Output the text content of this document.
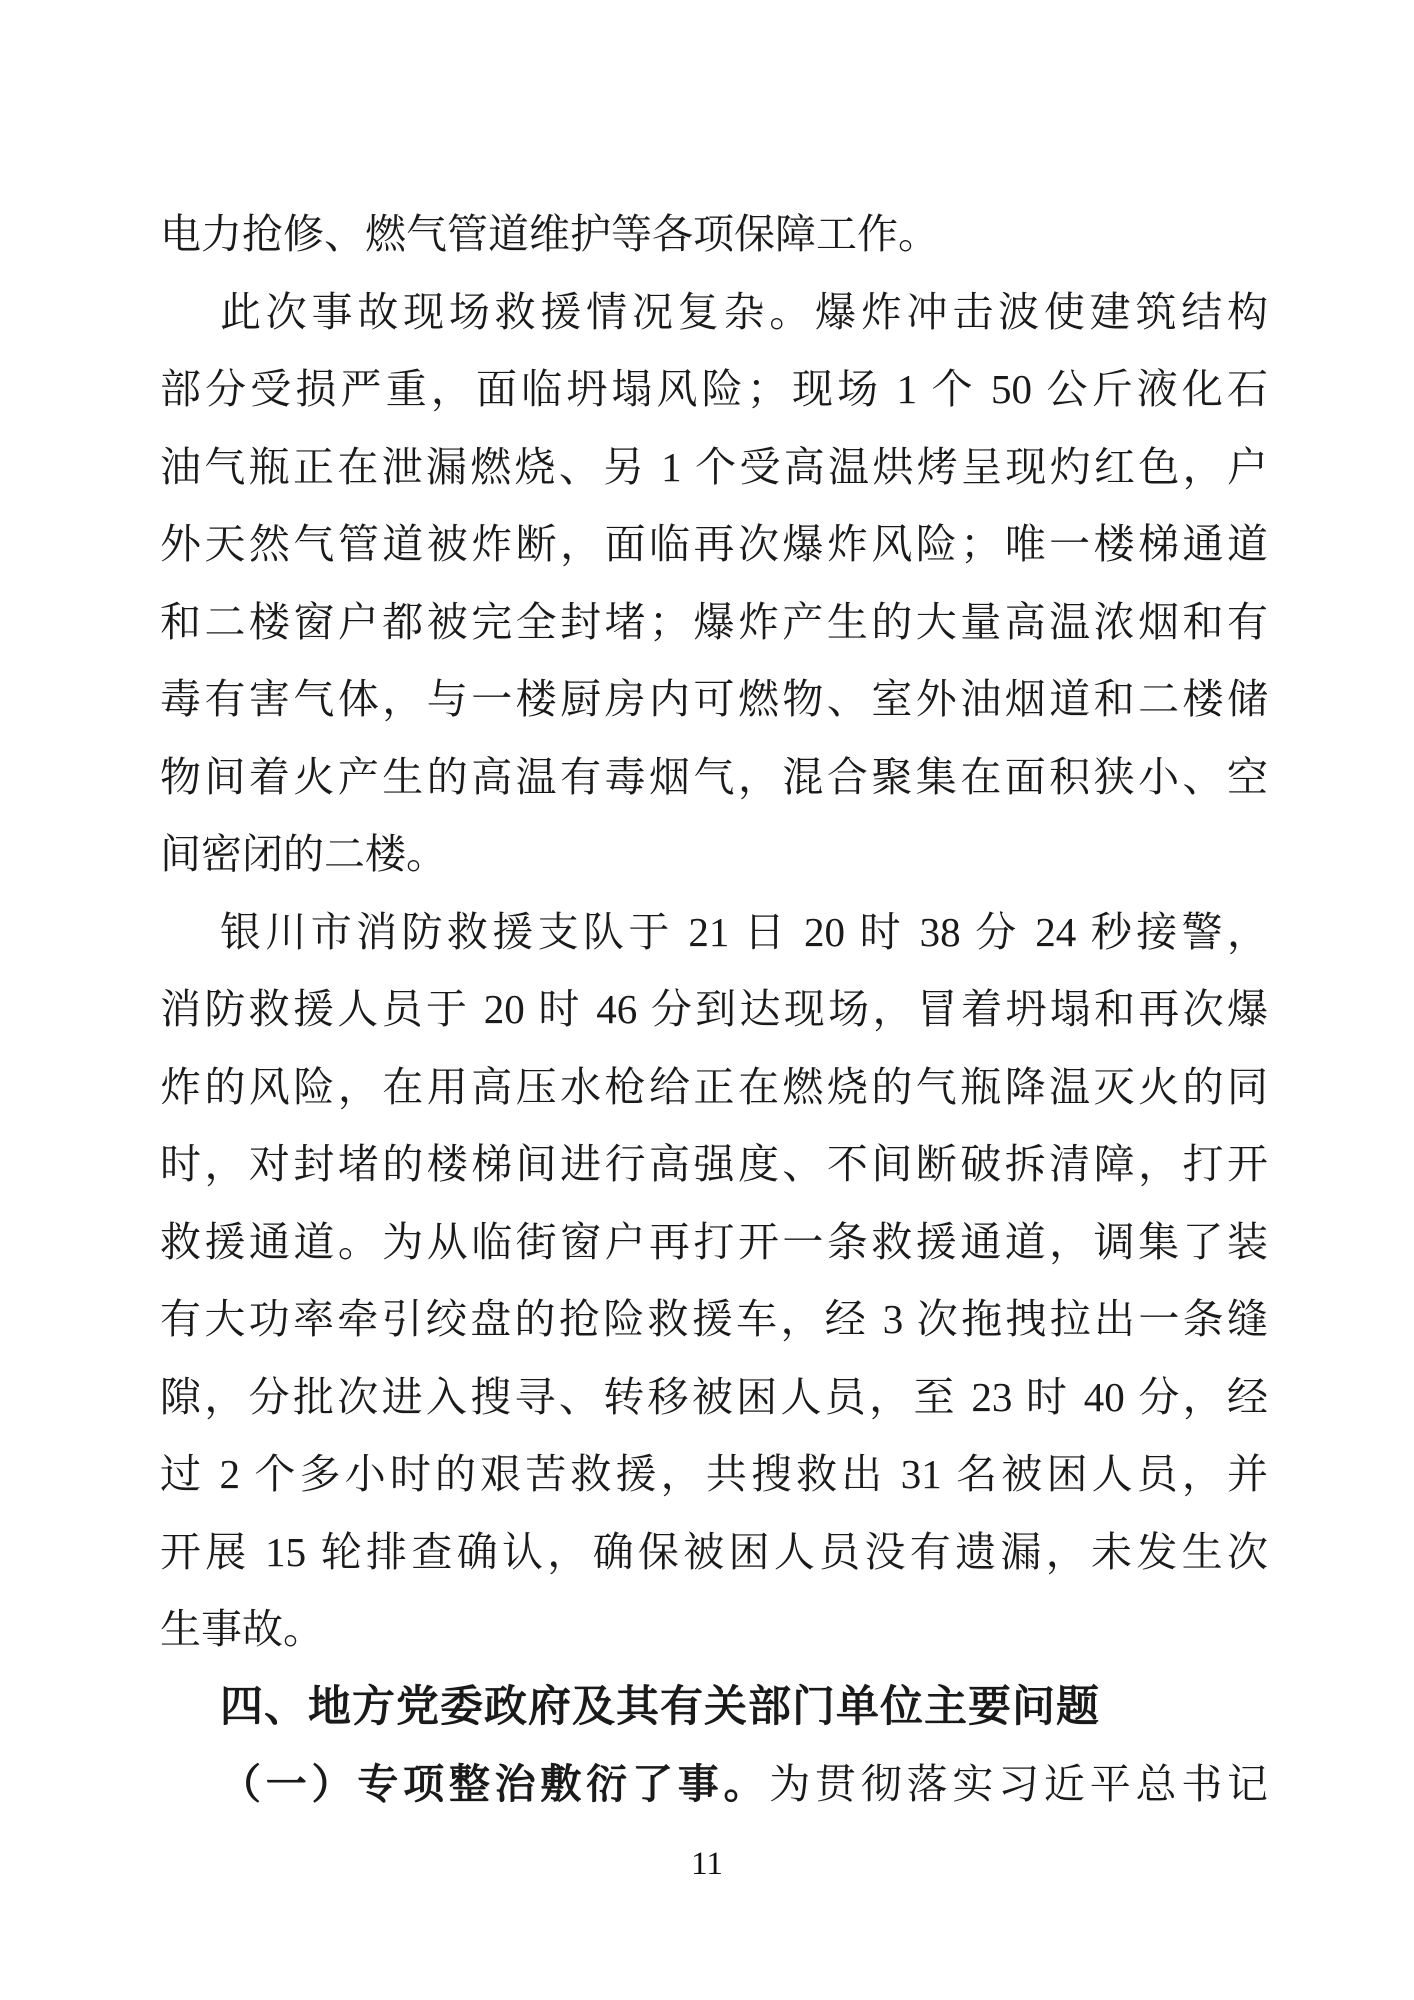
电力抢修、燃气管道维护等各项保障工作。
此次事故现场救援情况复杂。爆炸冲击波使建筑结构
部分受损严重，面临坍塌风险；现场 1 个 50 公斤液化石
油气瓶正在泄漏燃烧、另 1 个受高温烘烤呈现灼红色，户
外天然气管道被炸断，面临再次爆炸风险；唯一楼梯通道
和二楼窗户都被完全封堵；爆炸产生的大量高温浓烟和有
毒有害气体，与一楼厨房内可燃物、室外油烟道和二楼储
物间着火产生的高温有毒烟气，混合聚集在面积狭小、空
间密闭的二楼。
银川市消防救援支队于 21 日 20 时 38 分 24 秒接警，
消防救援人员于 20 时 46 分到达现场，冒着坍塌和再次爆
炸的风险，在用高压水枪给正在燃烧的气瓶降温灭火的同
时，对封堵的楼梯间进行高强度、不间断破拆清障，打开
救援通道。为从临街窗户再打开一条救援通道，调集了装
有大功率牵引绞盘的抢险救援车，经 3 次拖拽拉出一条缝
隙，分批次进入搜寻、转移被困人员，至 23 时 40 分，经
过 2 个多小时的艰苦救援，共搜救出 31 名被困人员，并
开展 15 轮排查确认，确保被困人员没有遗漏，未发生次
生事故。
四、地方党委政府及其有关部门单位主要问题
（一）专项整治敷衍了事。为贯彻落实习近平总书记
11
